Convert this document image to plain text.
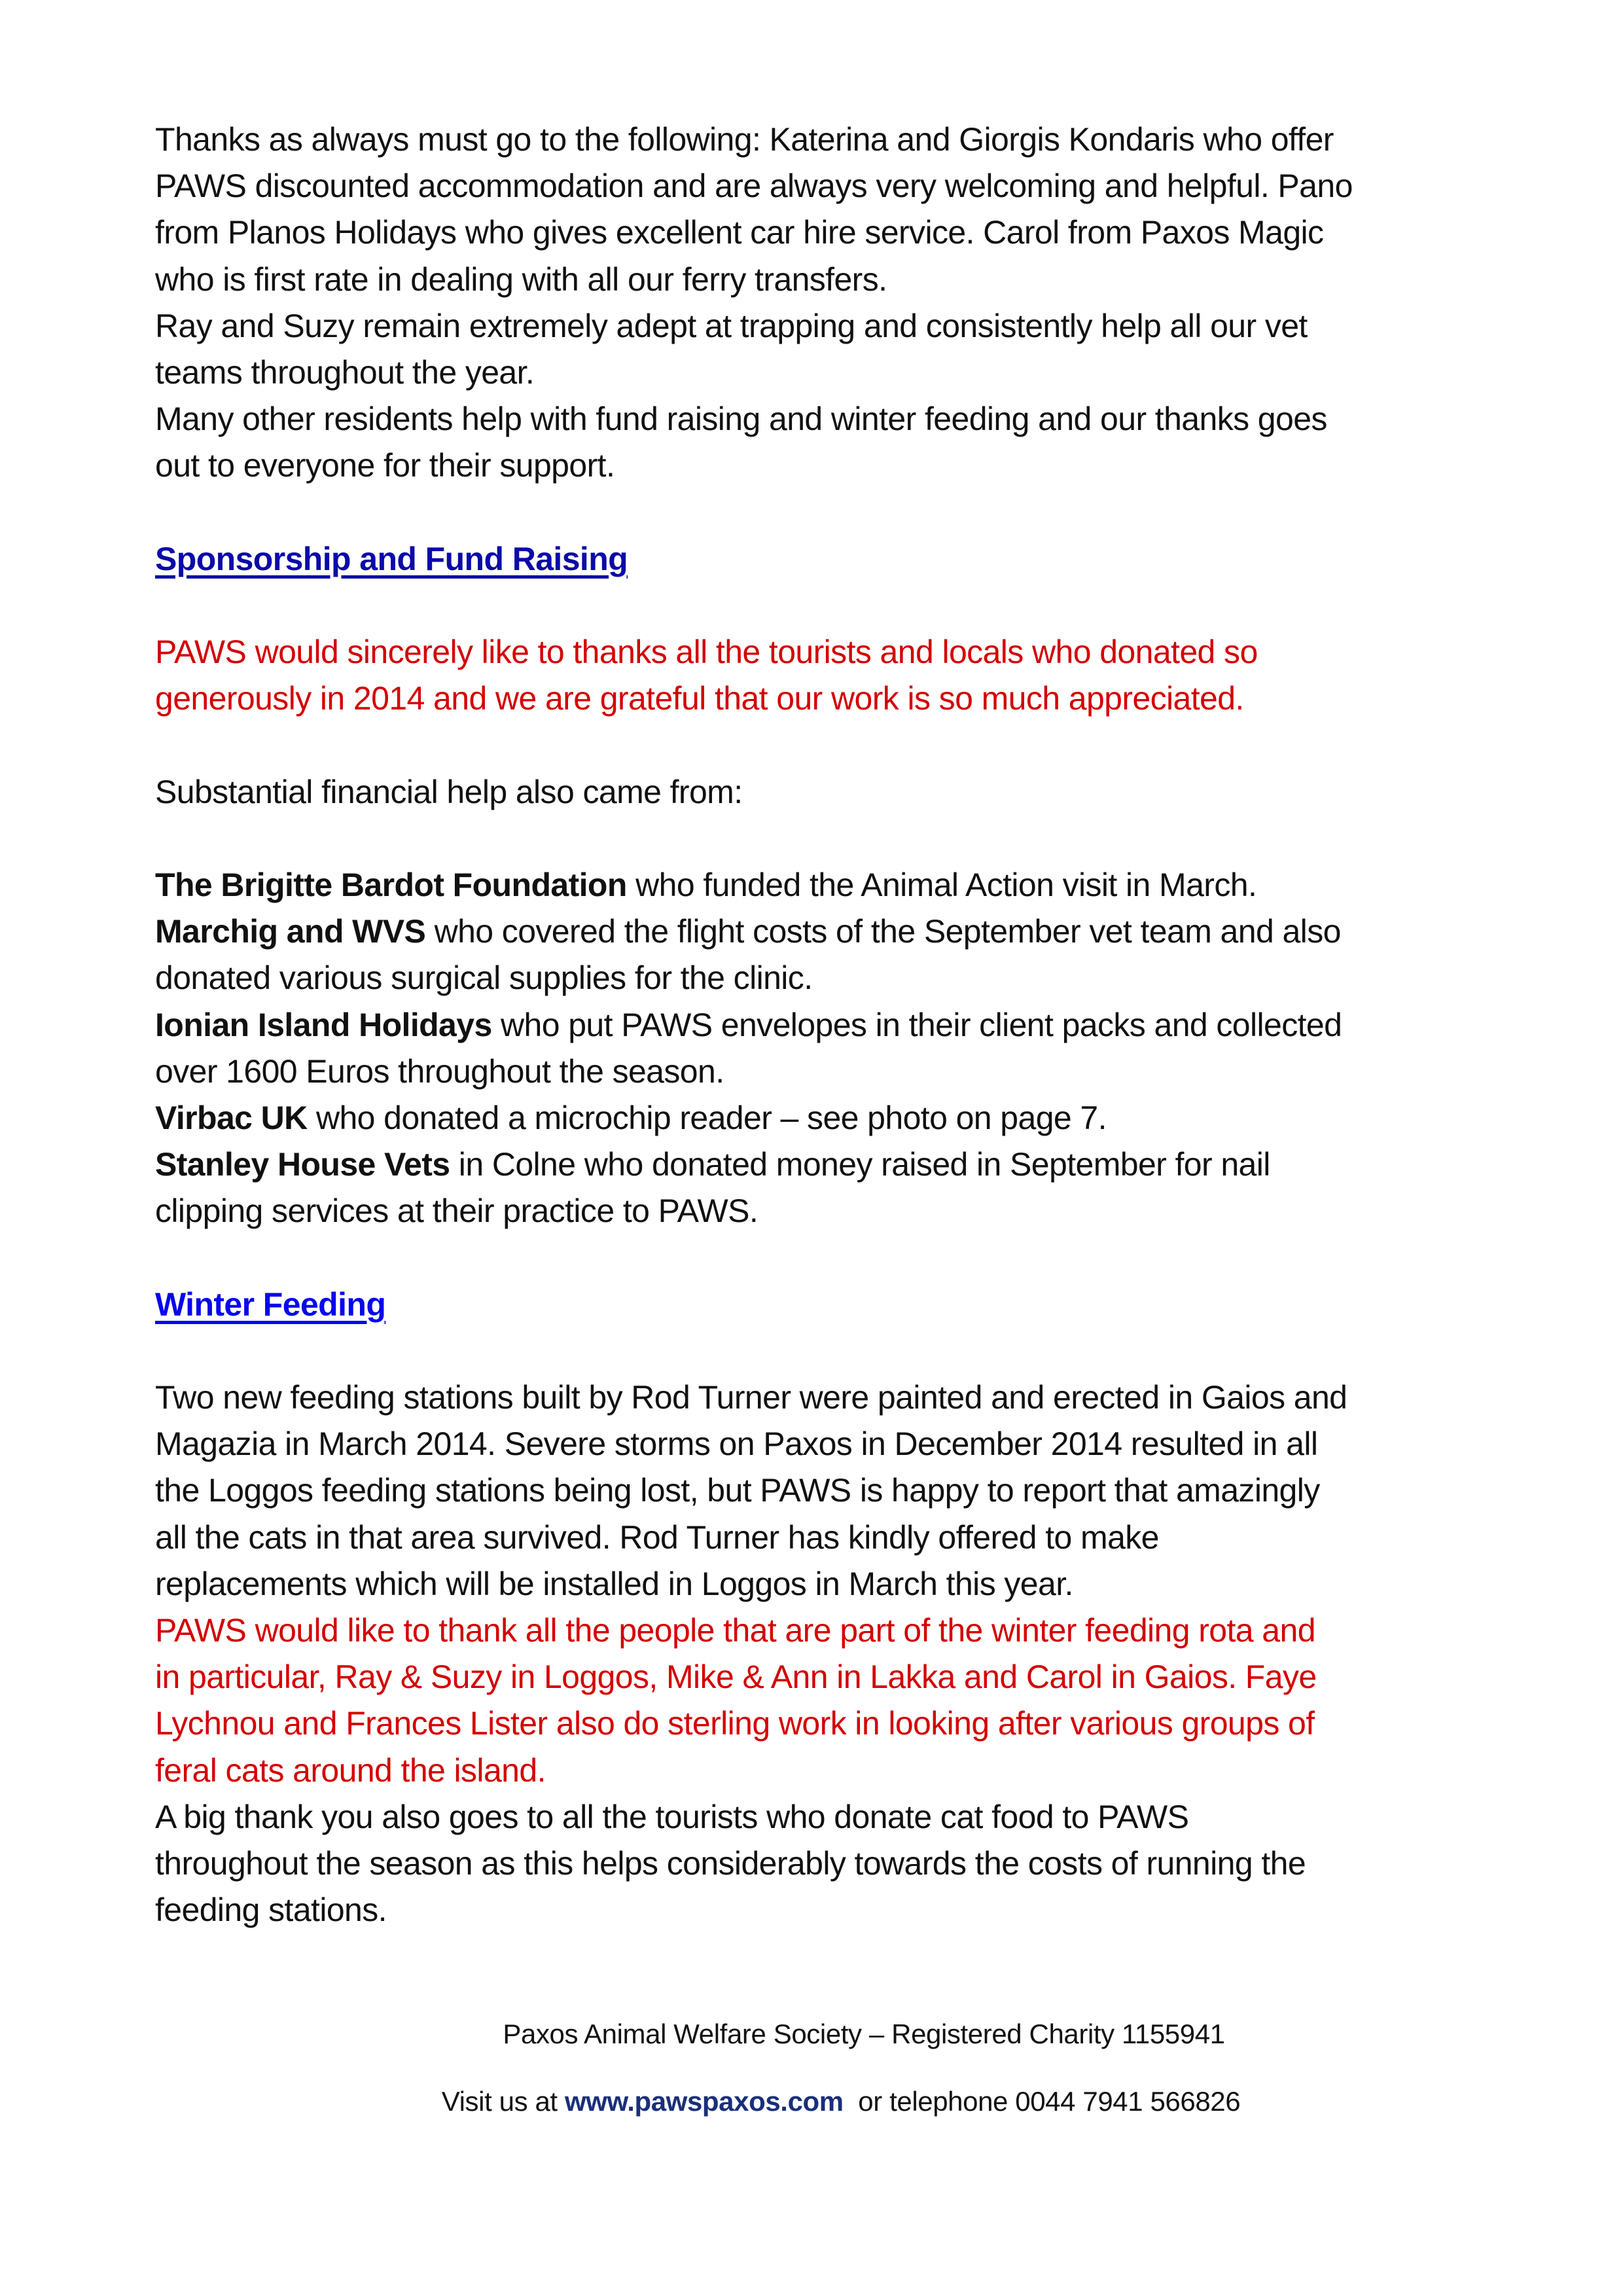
Thanks as always must go to the following: Katerina and Giorgis Kondaris who offer
PAWS discounted accommodation and are always very welcoming and helpful. Pano
from Planos Holidays who gives excellent car hire service. Carol from Paxos Magic
who is first rate in dealing with all our ferry transfers.
Ray and Suzy remain extremely adept at trapping and consistently help all our vet
teams throughout the year.
Many other residents help with fund raising and winter feeding and our thanks goes
out to everyone for their support.
Sponsorship and Fund Raising
PAWS would sincerely like to thanks all the tourists and locals who donated so
generously in 2014 and we are grateful that our work is so much appreciated.
Substantial financial help also came from:
The Brigitte Bardot Foundation who funded the Animal Action visit in March.
Marchig and WVS who covered the flight costs of the September vet team and also
donated various surgical supplies for the clinic.
Ionian Island Holidays who put PAWS envelopes in their client packs and collected
over 1600 Euros throughout the season.
Virbac UK who donated a microchip reader – see photo on page 7.
Stanley House Vets in Colne who donated money raised in September for nail
clipping services at their practice to PAWS.
Winter Feeding
Two new feeding stations built by Rod Turner were painted and erected in Gaios and
Magazia in March 2014. Severe storms on Paxos in December 2014 resulted in all
the Loggos feeding stations being lost, but PAWS is happy to report that amazingly
all the cats in that area survived. Rod Turner has kindly offered to make
replacements which will be installed in Loggos in March this year.
PAWS would like to thank all the people that are part of the winter feeding rota and
in particular, Ray & Suzy in Loggos, Mike & Ann in Lakka and Carol in Gaios. Faye
Lychnou and Frances Lister also do sterling work in looking after various groups of
feral cats around the island.
A big thank you also goes to all the tourists who donate cat food to PAWS
throughout the season as this helps considerably towards the costs of running the
feeding stations.
Paxos Animal Welfare Society – Registered Charity 1155941
Visit us at www.pawspaxos.com  or telephone 0044 7941 566826
